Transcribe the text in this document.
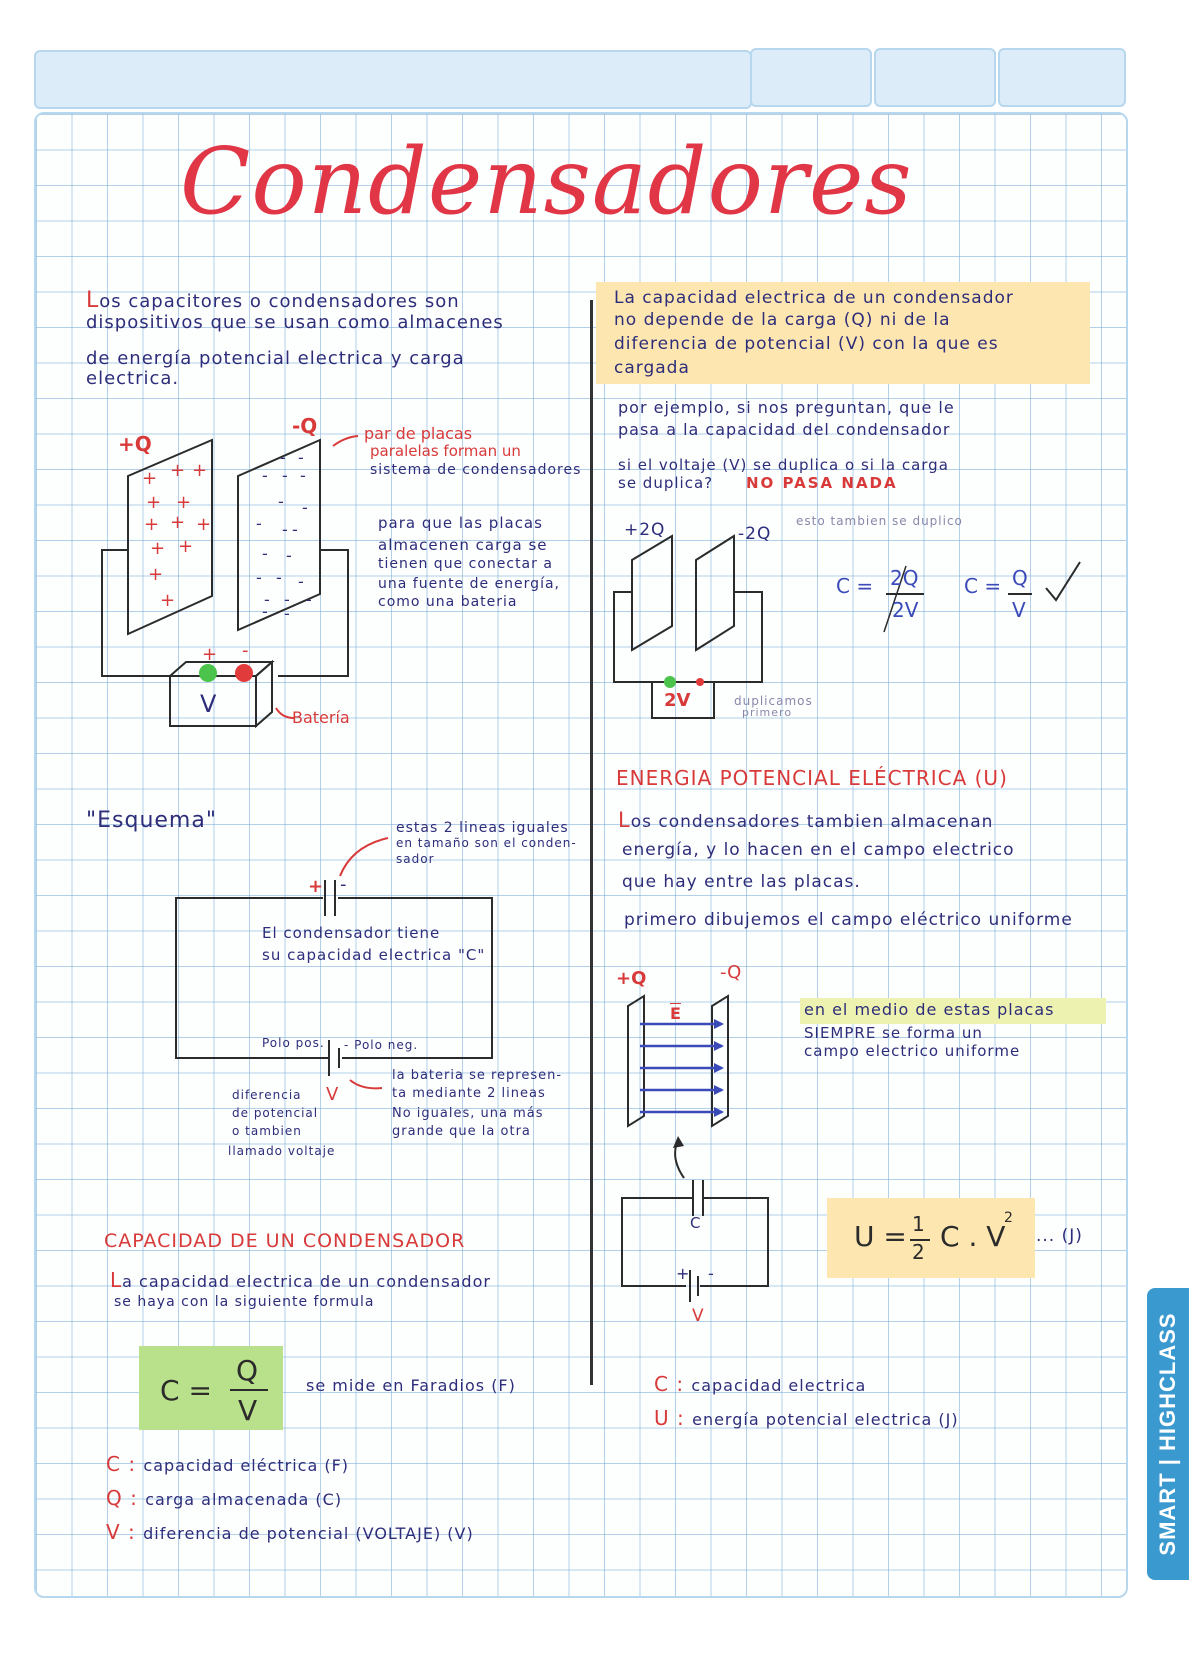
SMART | HIGHCLASS
Condensadores
Los capacitores o condensadores son
dispositivos que se usan como almacenes
de energía potencial electrica y carga
electrica.
+Q
-Q	par de placas
paralelas forman un
sistema de condensadores
para que las placas
almacenen carga se
tienen que conectar a
una fuente de energía,
como una bateria
V	Batería
+ -
+ + +
+ +
+ + +
+ +
+
+
- -
- - -
- -
- - -
- -
- - -
- - -
- -
"Esquema"	estas 2 lineas iguales
en tamaño son el conden-
sador
+ -
El condensador tiene
su capacidad electrica "C"
Polo pos. - Polo neg.
la bateria se represen-
ta mediante 2 lineas
No iguales, una más
grande que la otra
V
diferencia
de potencial
o tambien
llamado voltaje
CAPACIDAD DE UN CONDENSADOR
La capacidad electrica de un condensador
se haya con la siguiente formula
C =
Q
V
se mide en Faradios (F)
C : capacidad eléctrica (F)
Q : carga almacenada (C)
V : diferencia de potencial (VOLTAJE) (V)
La capacidad electrica de un condensador
no depende de la carga (Q) ni de la
diferencia de potencial (V) con la que es
cargada
por ejemplo, si nos preguntan, que le
pasa a la capacidad del condensador
si el voltaje (V) se duplica o si la carga
se duplica? NO PASA NADA
+2Q	-2Q
esto tambien se duplico
C = 2Q
2V
C = Q
V
2V	duplicamos
primero
ENERGIA POTENCIAL ELÉCTRICA (U)
Los condensadores tambien almacenan
energía, y lo hacen en el campo electrico
que hay entre las placas.
primero dibujemos el campo eléctrico uniforme
+Q	-Q
$\overline{E}$	en el medio de estas placas
SIEMPRE se forma un
campo electrico uniforme
C
+ -
V
U = 1
2 C . V
2
... (J)
C : capacidad electrica
U : energía potencial electrica (J)
